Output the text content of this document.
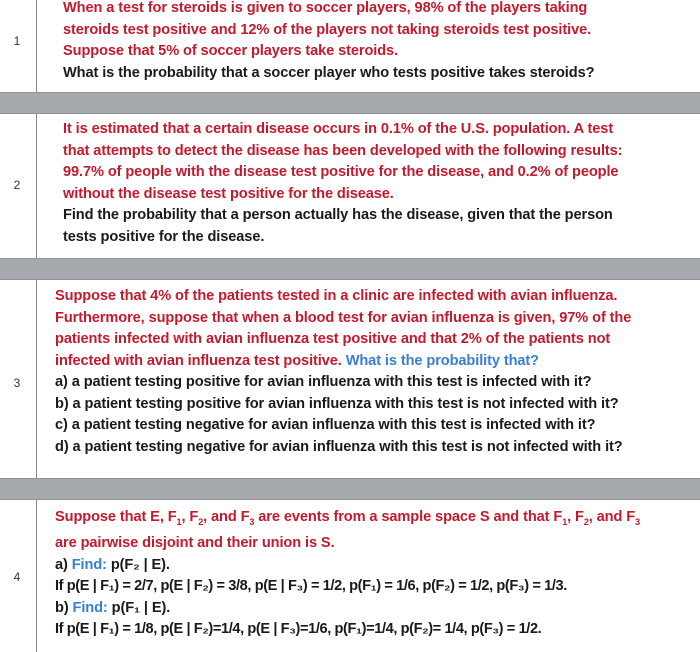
1
When a test for steroids is given to soccer players, 98% of the players taking
steroids test positive and 12% of the players not taking steroids test positive.
Suppose that 5% of soccer players take steroids.
What is the probability that a soccer player who tests positive takes steroids?
2
It is estimated that a certain disease occurs in 0.1% of the U.S. population. A test
that attempts to detect the disease has been developed with the following results:
99.7% of people with the disease test positive for the disease, and 0.2% of people
without the disease test positive for the disease.
Find the probability that a person actually has the disease, given that the person
tests positive for the disease.
3
Suppose that 4% of the patients tested in a clinic are infected with avian influenza.
Furthermore, suppose that when a blood test for avian influenza is given, 97% of the
patients infected with avian influenza test positive and that 2% of the patients not
infected with avian influenza test positive. What is the probability that?
a) a patient testing positive for avian influenza with this test is infected with it?
b) a patient testing positive for avian influenza with this test is not infected with it?
c) a patient testing negative for avian influenza with this test is infected with it?
d) a patient testing negative for avian influenza with this test is not infected with it?
4
Suppose that E, $F_1$, $F_2$, and $F_3$ are events from a sample space S and that $F_1$, $F_2$, and $F_3$
are pairwise disjoint and their union is S.
a) Find: p(F₂ | E).
If p(E | F₁) = 2/7, p(E | F₂) = 3/8, p(E | F₃) = 1/2, p(F₁) = 1/6, p(F₂) = 1/2, p(F₃) = 1/3.
b) Find: p(F₁ | E).
If p(E | F₁) = 1/8, p(E | F₂)=1/4, p(E | F₃)=1/6, p(F₁)=1/4, p(F₂)= 1/4, p(F₃) = 1/2.
